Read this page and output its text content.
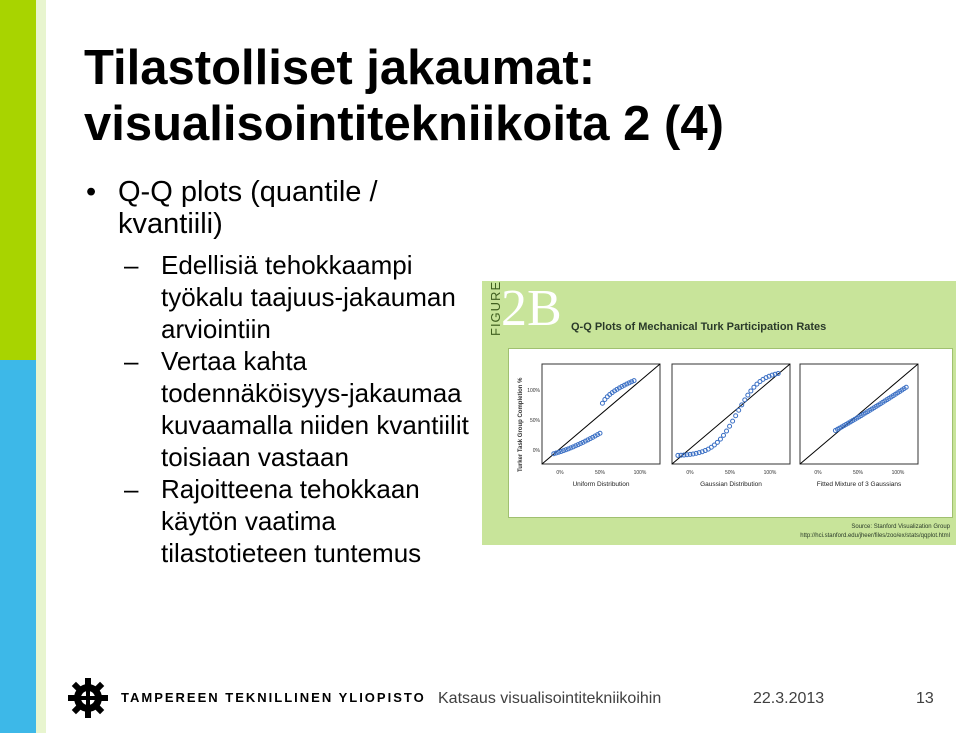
Tilastolliset jakaumat: visualisointitekniikoita 2 (4)
• Q-Q plots (quantile / kvantiili)
– Edellisiä tehokkaampi työkalu taajuus-jakauman arviointiin
– Vertaa kahta todennäköisyys-jakaumaa kuvaamalla niiden kvantiilit toisiaan vastaan
– Rajoitteena tehokkaan käytön vaatima tilastotieteen tuntemus
FIGURE
2B Q-Q Plots of Mechanical Turk Participation Rates
Turker Task Group Completion %
0%	50%	100%
Uniform Distribution
0%	50%	100%
Gaussian Distribution
0%	50%	100%
Fitted Mixture of 3 Gaussians
100%
50%
0%
Source: Stanford Visualization Group
http://hci.stanford.edu/jheer/files/zoo/ex/stats/qqplot.html
TAMPEREEN TEKNILLINEN YLIOPISTO Katsaus visualisointitekniikoihin	22.3.2013	13
